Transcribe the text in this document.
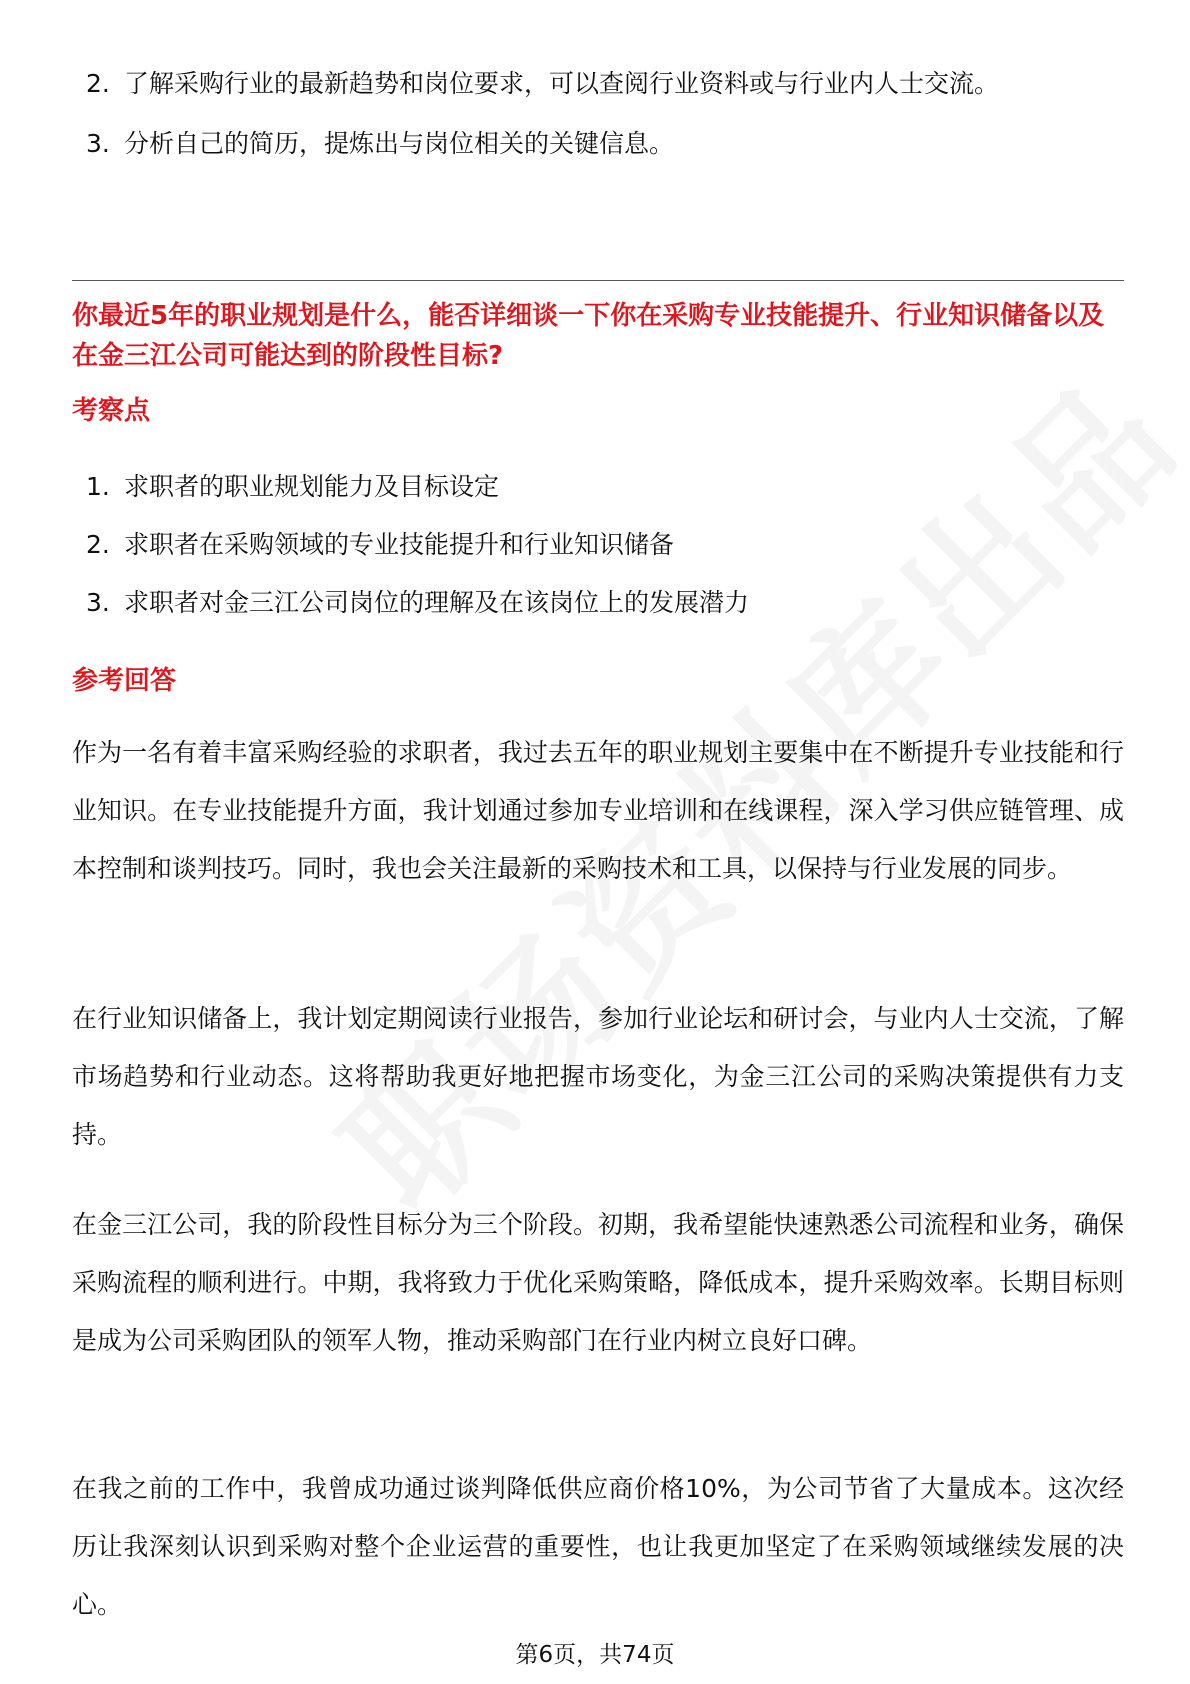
2. 了解采购行业的最新趋势和岗位要求，可以查阅行业资料或与行业内人士交流。
3. 分析自己的简历，提炼出与岗位相关的关键信息。
你最近5年的职业规划是什么，能否详细谈一下你在采购专业技能提升、行业知识储备以及在金三江公司可能达到的阶段性目标?
考察点
1. 求职者的职业规划能力及目标设定
2. 求职者在采购领域的专业技能提升和行业知识储备
3. 求职者对金三江公司岗位的理解及在该岗位上的发展潜力
参考回答

作为一名有着丰富采购经验的求职者，我过去五年的职业规划主要集中在不断提升专业技能和行业知识。在专业技能提升方面，我计划通过参加专业培训和在线课程，深入学习供应链管理、成本控制和谈判技巧。同时，我也会关注最新的采购技术和工具，以保持与行业发展的同步。

在行业知识储备上，我计划定期阅读行业报告，参加行业论坛和研讨会，与业内人士交流，了解市场趋势和行业动态。这将帮助我更好地把握市场变化，为金三江公司的采购决策提供有力支持。

在金三江公司，我的阶段性目标分为三个阶段。初期，我希望能快速熟悉公司流程和业务，确保采购流程的顺利进行。中期，我将致力于优化采购策略，降低成本，提升采购效率。长期目标则是成为公司采购团队的领军人物，推动采购部门在行业内树立良好口碑。

在我之前的工作中，我曾成功通过谈判降低供应商价格10%，为公司节省了大量成本。这次经历让我深刻认识到采购对整个企业运营的重要性，也让我更加坚定了在采购领域继续发展的决心。

第6页，共74页
